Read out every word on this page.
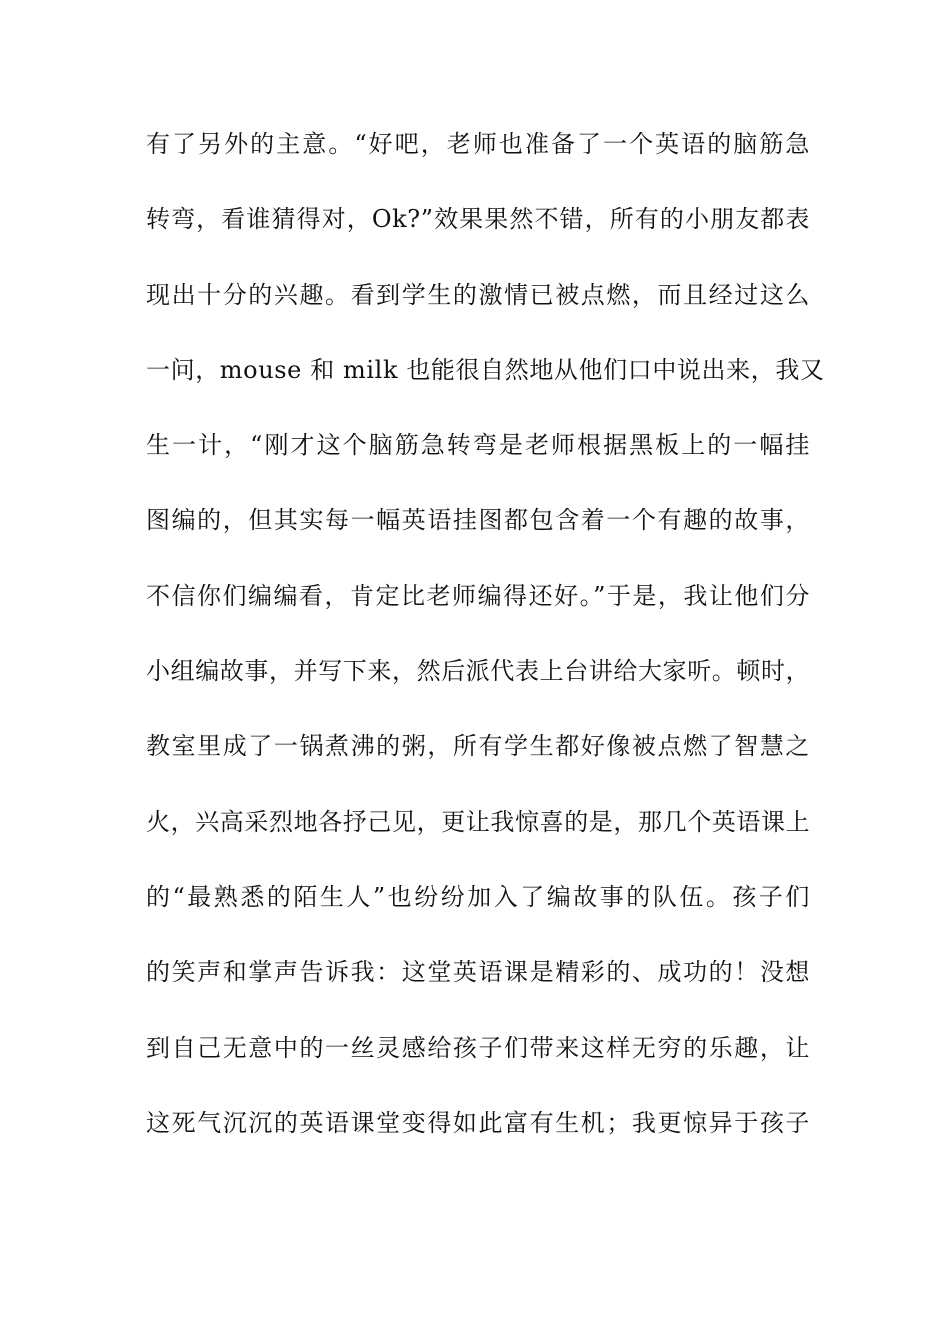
有了另外的主意。“好吧，老师也准备了一个英语的脑筋急
转弯，看谁猜得对，Ok?”效果果然不错，所有的小朋友都表
现出十分的兴趣。看到学生的激情已被点燃，而且经过这么
一问，mouse 和 milk 也能很自然地从他们口中说出来，我又
生一计，“刚才这个脑筋急转弯是老师根据黑板上的一幅挂
图编的，但其实每一幅英语挂图都包含着一个有趣的故事，
不信你们编编看，肯定比老师编得还好。”于是，我让他们分
小组编故事，并写下来，然后派代表上台讲给大家听。顿时，
教室里成了一锅煮沸的粥，所有学生都好像被点燃了智慧之
火，兴高采烈地各抒己见，更让我惊喜的是，那几个英语课上
的“最熟悉的陌生人”也纷纷加入了编故事的队伍。孩子们
的笑声和掌声告诉我：这堂英语课是精彩的、成功的！没想
到自己无意中的一丝灵感给孩子们带来这样无穷的乐趣，让
这死气沉沉的英语课堂变得如此富有生机；我更惊异于孩子
